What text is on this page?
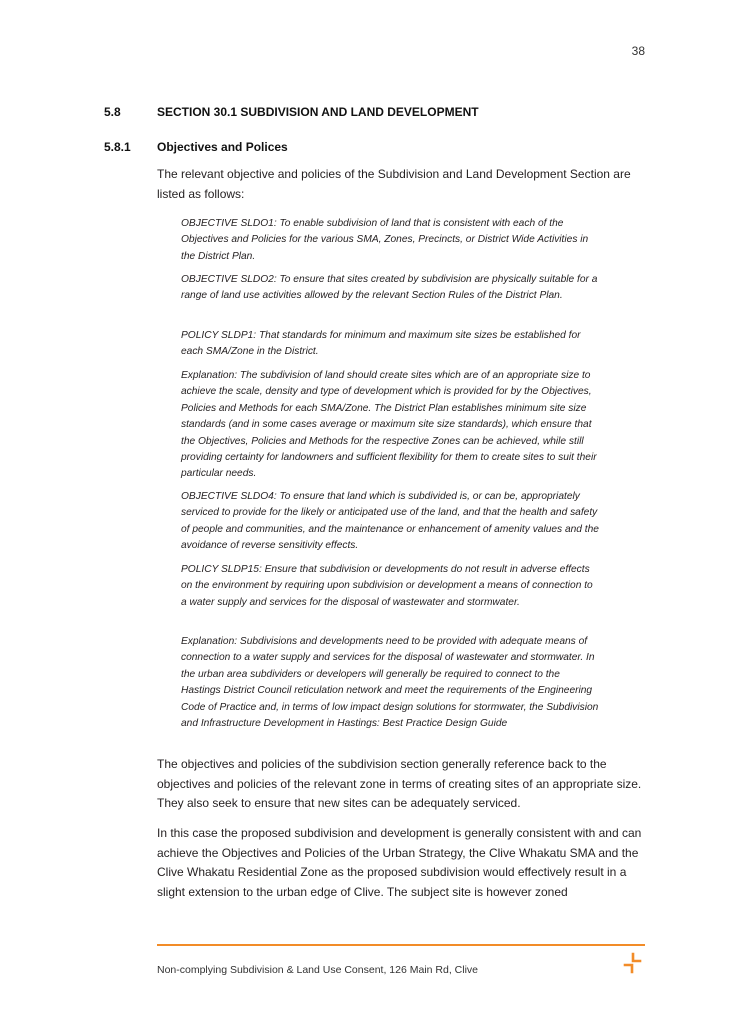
38
5.8	SECTION 30.1 SUBDIVISION AND LAND DEVELOPMENT
5.8.1	Objectives and Polices

The relevant objective and policies of the Subdivision and Land Development Section are listed as follows:

OBJECTIVE SLDO1: To enable subdivision of land that is consistent with each of the Objectives and Policies for the various SMA, Zones, Precincts, or District Wide Activities in the District Plan.

OBJECTIVE SLDO2: To ensure that sites created by subdivision are physically suitable for a range of land use activities allowed by the relevant Section Rules of the District Plan.

POLICY SLDP1: That standards for minimum and maximum site sizes be established for each SMA/Zone in the District.

Explanation: The subdivision of land should create sites which are of an appropriate size to achieve the scale, density and type of development which is provided for by the Objectives, Policies and Methods for each SMA/Zone. The District Plan establishes minimum site size standards (and in some cases average or maximum site size standards), which ensure that the Objectives, Policies and Methods for the respective Zones can be achieved, while still providing certainty for landowners and sufficient flexibility for them to create sites to suit their particular needs.

OBJECTIVE SLDO4: To ensure that land which is subdivided is, or can be, appropriately serviced to provide for the likely or anticipated use of the land, and that the health and safety of people and communities, and the maintenance or enhancement of amenity values and the avoidance of reverse sensitivity effects.

POLICY SLDP15: Ensure that subdivision or developments do not result in adverse effects on the environment by requiring upon subdivision or development a means of connection to a water supply and services for the disposal of wastewater and stormwater.

Explanation: Subdivisions and developments need to be provided with adequate means of connection to a water supply and services for the disposal of wastewater and stormwater. In the urban area subdividers or developers will generally be required to connect to the Hastings District Council reticulation network and meet the requirements of the Engineering Code of Practice and, in terms of low impact design solutions for stormwater, the Subdivision and Infrastructure Development in Hastings: Best Practice Design Guide

The objectives and policies of the subdivision section generally reference back to the objectives and policies of the relevant zone in terms of creating sites of an appropriate size. They also seek to ensure that new sites can be adequately serviced.

In this case the proposed subdivision and development is generally consistent with and can achieve the Objectives and Policies of the Urban Strategy, the Clive Whakatu SMA and the Clive Whakatu Residential Zone as the proposed subdivision would effectively result in a slight extension to the urban edge of Clive. The subject site is however zoned

Non-complying Subdivision & Land Use Consent, 126 Main Rd, Clive
